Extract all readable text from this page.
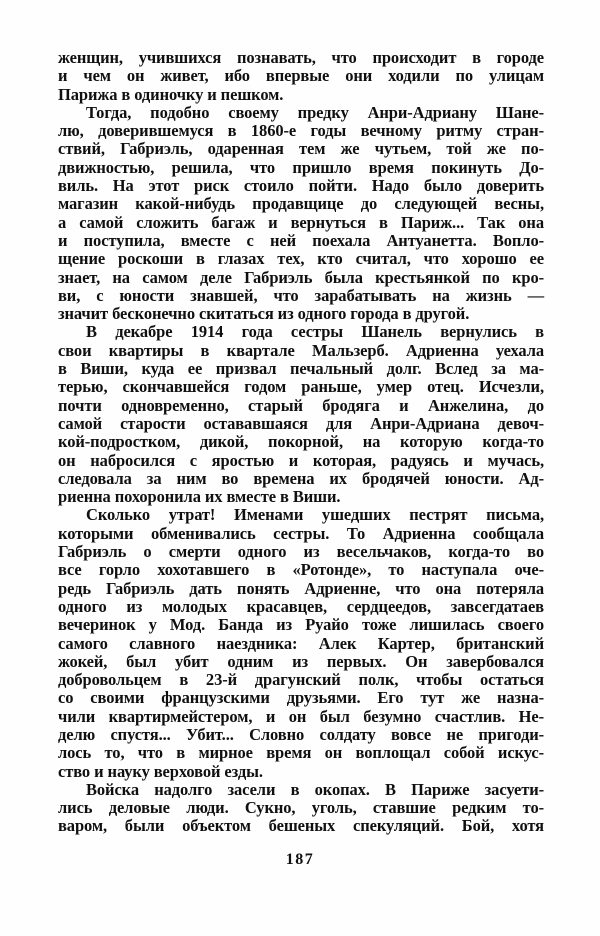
женщин, учившихся познавать, что происходит в городе
и чем он живет, ибо впервые они ходили по улицам
Парижа в одиночку и пешком.
Тогда, подобно своему предку Анри-Адриану Шане-
лю, доверившемуся в 1860-е годы вечному ритму стран-
ствий, Габриэль, одаренная тем же чутьем, той же по-
движностью, решила, что пришло время покинуть До-
виль. На этот риск стоило пойти. Надо было доверить
магазин какой-нибудь продавщице до следующей весны,
а самой сложить багаж и вернуться в Париж... Так она
и поступила, вместе с ней поехала Антуанетта. Вопло-
щение роскоши в глазах тех, кто считал, что хорошо ее
знает, на самом деле Габриэль была крестьянкой по кро-
ви, с юности знавшей, что зарабатывать на жизнь —
значит бесконечно скитаться из одного города в другой.
В декабре 1914 года сестры Шанель вернулись в
свои квартиры в квартале Мальзерб. Адриенна уехала
в Виши, куда ее призвал печальный долг. Вслед за ма-
терью, скончавшейся годом раньше, умер отец. Исчезли,
почти одновременно, старый бродяга и Анжелина, до
самой старости остававшаяся для Анри-Адриана девоч-
кой-подростком, дикой, покорной, на которую когда-то
он набросился с яростью и которая, радуясь и мучась,
следовала за ним во времена их бродячей юности. Ад-
риенна похоронила их вместе в Виши.
Сколько утрат! Именами ушедших пестрят письма,
которыми обменивались сестры. То Адриенна сообщала
Габриэль о смерти одного из весельчаков, когда-то во
все горло хохотавшего в «Ротонде», то наступала оче-
редь Габриэль дать понять Адриенне, что она потеряла
одного из молодых красавцев, сердцеедов, завсегдатаев
вечеринок у Мод. Банда из Руайо тоже лишилась своего
самого славного наездника: Алек Картер, британский
жокей, был убит одним из первых. Он завербовался
добровольцем в 23-й драгунский полк, чтобы остаться
со своими французскими друзьями. Его тут же назна-
чили квартирмейстером, и он был безумно счастлив. Не-
делю спустя... Убит... Словно солдату вовсе не пригоди-
лось то, что в мирное время он воплощал собой искус-
ство и науку верховой езды.
Войска надолго засели в окопах. В Париже засуети-
лись деловые люди. Сукно, уголь, ставшие редким то-
варом, были объектом бешеных спекуляций. Бой, хотя
187
